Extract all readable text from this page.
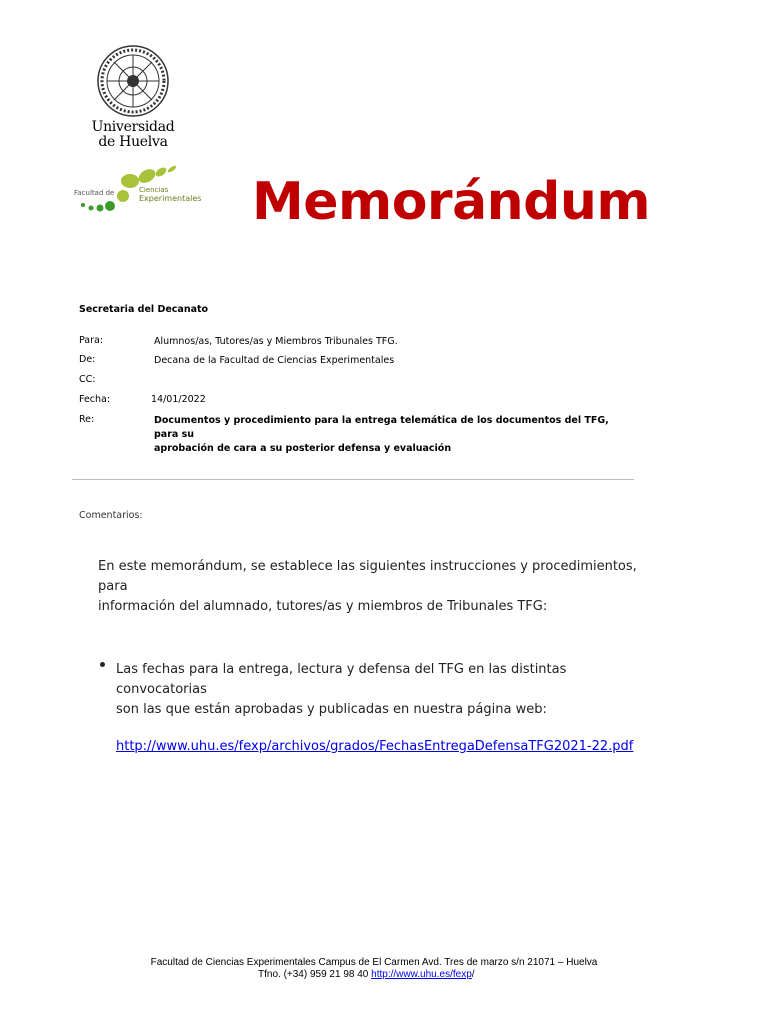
Universidad
de Huelva
Facultad de	Ciencias
Experimentales Memorándum
Secretaria del Decanato
Para:	Alumnos/as, Tutores/as y Miembros Tribunales TFG.
De:	Decana de la Facultad de Ciencias Experimentales
CC:
Fecha:	14/01/2022
Re:	Documentos y procedimiento para la entrega telemática de los documentos del TFG, para su
aprobación de cara a su posterior defensa y evaluación
Comentarios:
En este memorándum, se establece las siguientes instrucciones y procedimientos, para
información del alumnado, tutores/as y miembros de Tribunales TFG:
Las fechas para la entrega, lectura y defensa del TFG en las distintas convocatorias
son las que están aprobadas y publicadas en nuestra página web:
http://www.uhu.es/fexp/archivos/grados/FechasEntregaDefensaTFG2021-22.pdf
Facultad de Ciencias Experimentales Campus de El Carmen Avd. Tres de marzo s/n 21071 – Huelva
Tfno. (+34) 959 21 98 40 http://www.uhu.es/fexp/
